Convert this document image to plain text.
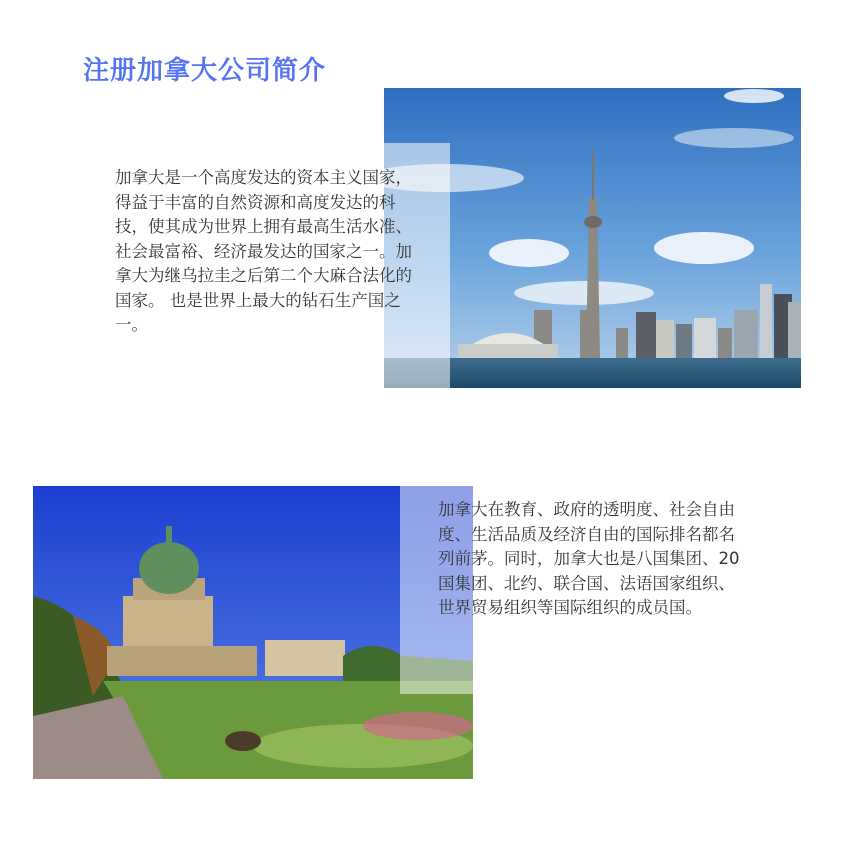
注册加拿大公司简介

加拿大是一个高度发达的资本主义国家，得益于丰富的自然资源和高度发达的科技，使其成为世界上拥有最高生活水准、社会最富裕、经济最发达的国家之一。加拿大为继乌拉圭之后第二个大麻合法化的国家。 也是世界上最大的钻石生产国之一。

加拿大在教育、政府的透明度、社会自由度、生活品质及经济自由的国际排名都名列前茅。同时，加拿大也是八国集团、20国集团、北约、联合国、法语国家组织、世界贸易组织等国际组织的成员国。
